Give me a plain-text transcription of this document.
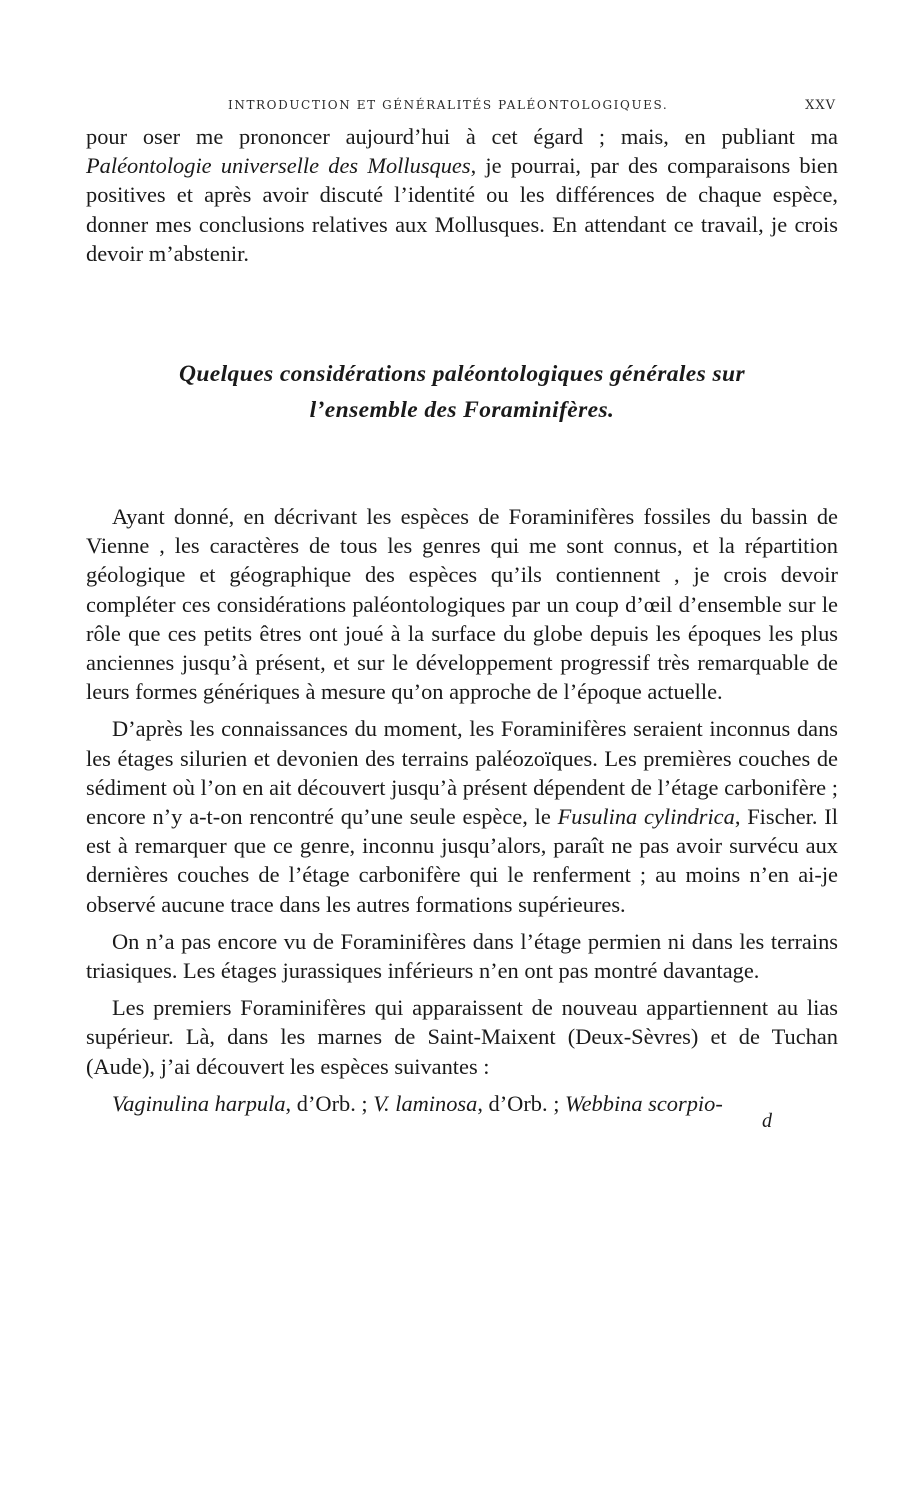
INTRODUCTION ET GÉNÉRALITÉS PALÉONTOLOGIQUES.	XXV

pour oser me prononcer aujourd’hui à cet égard ; mais, en publiant ma Paléontologie universelle des Mollusques, je pourrai, par des comparaisons bien positives et après avoir discuté l’identité ou les différences de chaque espèce, donner mes conclusions relatives aux Mollusques. En attendant ce travail, je crois devoir m’abstenir.

Quelques considérations paléontologiques générales sur
l’ensemble des Foraminifères.

Ayant donné, en décrivant les espèces de Foraminifères fossiles du bassin de Vienne , les caractères de tous les genres qui me sont connus, et la répartition géologique et géographique des espèces qu’ils contiennent , je crois devoir compléter ces considérations paléontologiques par un coup d’œil d’ensemble sur le rôle que ces petits êtres ont joué à la surface du globe depuis les époques les plus anciennes jusqu’à présent, et sur le développement progressif très remarquable de leurs formes génériques à mesure qu’on approche de l’époque actuelle.

D’après les connaissances du moment, les Foraminifères seraient inconnus dans les étages silurien et devonien des terrains paléozoïques. Les premières couches de sédiment où l’on en ait découvert jusqu’à présent dépendent de l’étage carbonifère ; encore n’y a-t-on rencontré qu’une seule espèce, le Fusulina cylindrica, Fischer. Il est à remarquer que ce genre, inconnu jusqu’alors, paraît ne pas avoir survécu aux dernières couches de l’étage carbonifère qui le renferment ; au moins n’en ai-je observé aucune trace dans les autres formations supérieures.

On n’a pas encore vu de Foraminifères dans l’étage permien ni dans les terrains triasiques. Les étages jurassiques inférieurs n’en ont pas montré davantage.

Les premiers Foraminifères qui apparaissent de nouveau appartiennent au lias supérieur. Là, dans les marnes de Saint-Maixent (Deux-Sèvres) et de Tuchan (Aude), j’ai découvert les espèces suivantes :

Vaginulina harpula, d’Orb. ; V. laminosa, d’Orb. ; Webbina scorpio-

d
